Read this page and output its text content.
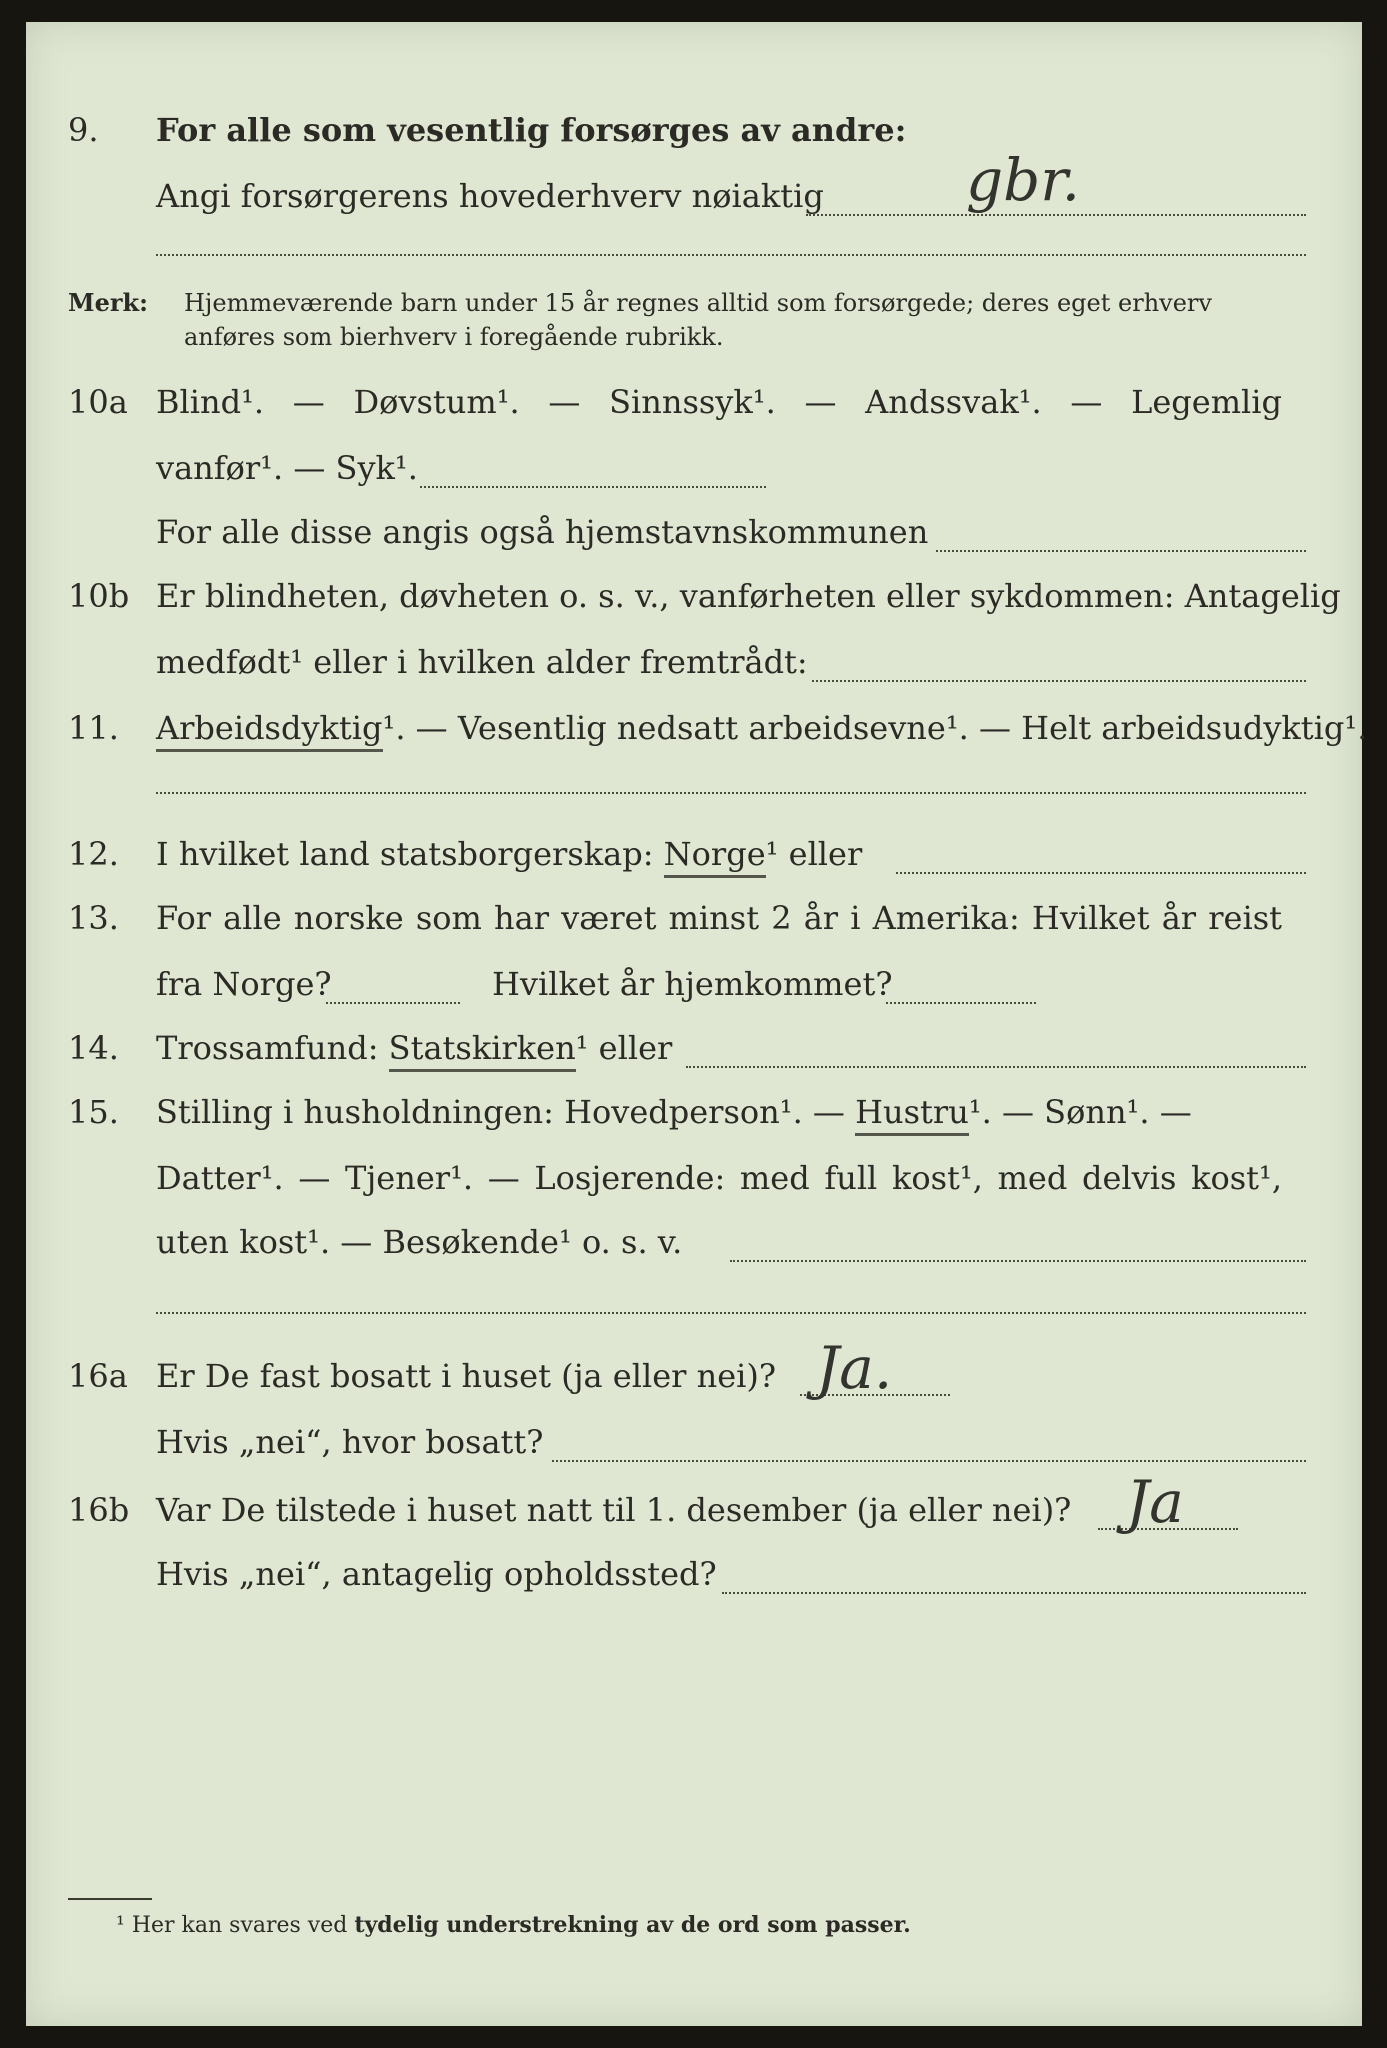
9. For alle som vesentlig forsørges av andre:
Angi forsørgerens hovederhverv nøiaktig gbr.
Merk: Hjemmeværende barn under 15 år regnes alltid som forsørgede; deres eget erhverv
anføres som bierhverv i foregående rubrikk.
10a Blind¹. — Døvstum¹. — Sinnssyk¹. — Andssvak¹. — Legemlig
vanfør¹. — Syk¹.
For alle disse angis også hjemstavnskommunen
10b Er blindheten, døvheten o. s. v., vanførheten eller sykdommen: Antagelig
medfødt¹ eller i hvilken alder fremtrådt:
11. Arbeidsdyktig¹. — Vesentlig nedsatt arbeidsevne¹. — Helt arbeidsudyktig¹.
12. I hvilket land statsborgerskap: Norge¹ eller
13. For alle norske som har været minst 2 år i Amerika: Hvilket år reist
fra Norge?	Hvilket år hjemkommet?
14. Trossamfund: Statskirken¹ eller
15. Stilling i husholdningen: Hovedperson¹. — Hustru¹. — Sønn¹. —
Datter¹. — Tjener¹. — Losjerende: med full kost¹, med delvis kost¹,
uten kost¹. — Besøkende¹ o. s. v.
16a Er De fast bosatt i huset (ja eller nei)? Ja.
Hvis „nei“, hvor bosatt?
16b Var De tilstede i huset natt til 1. desember (ja eller nei)? Ja
Hvis „nei“, antagelig opholdssted?
¹ Her kan svares ved tydelig understrekning av de ord som passer.
